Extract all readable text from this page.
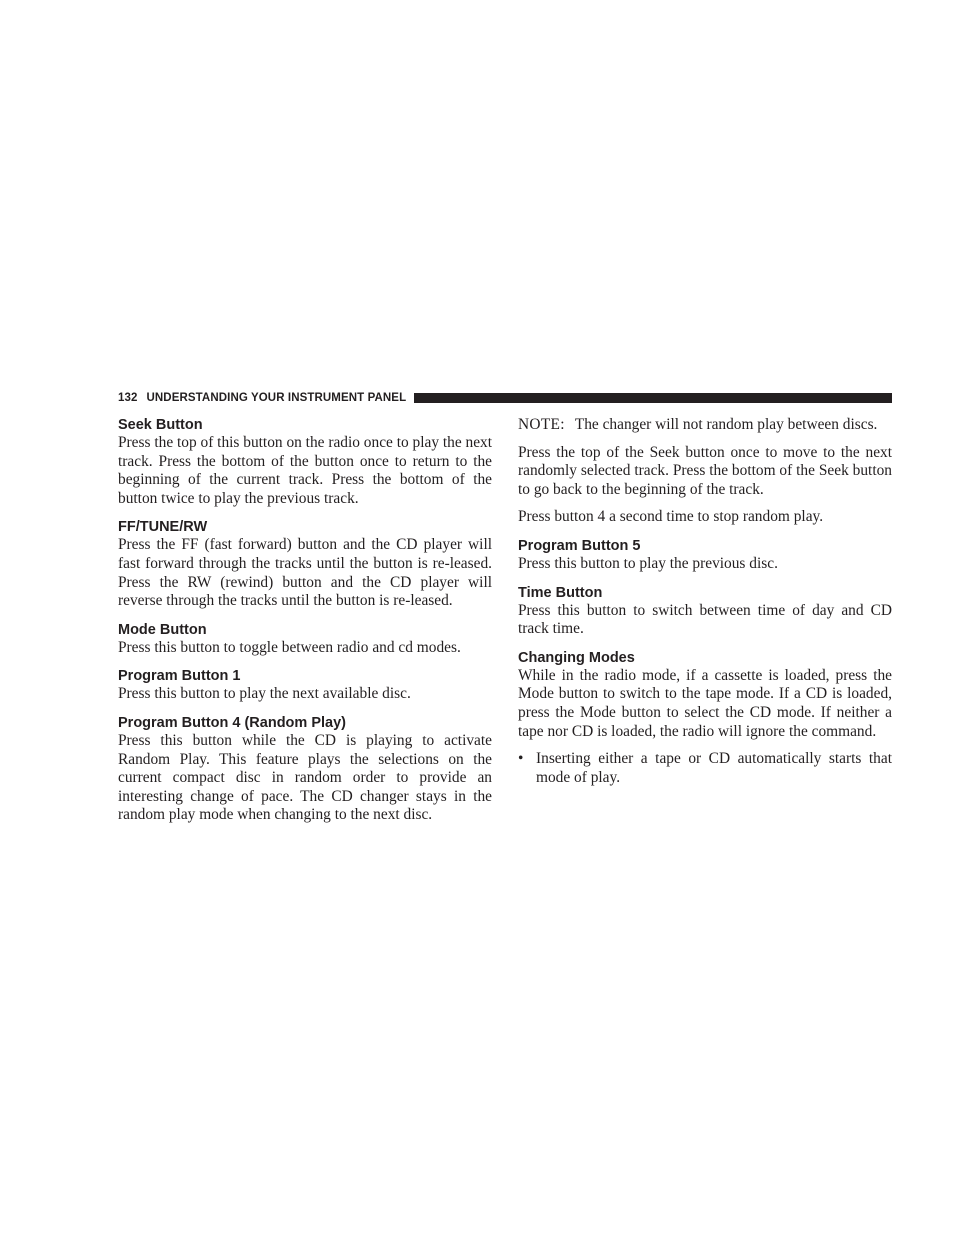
132 UNDERSTANDING YOUR INSTRUMENT PANEL
Seek Button

Press the top of this button on the radio once to play the next track. Press the bottom of the button once to return to the beginning of the current track. Press the bottom of the button twice to play the previous track.

FF/TUNE/RW

Press the FF (fast forward) button and the CD player will fast forward through the tracks until the button is re-leased. Press the RW (rewind) button and the CD player will reverse through the tracks until the button is re-leased.

Mode Button

Press this button to toggle between radio and cd modes.

Program Button 1

Press this button to play the next available disc.

Program Button 4 (Random Play)

Press this button while the CD is playing to activate Random Play. This feature plays the selections on the current compact disc in random order to provide an interesting change of pace. The CD changer stays in the random play mode when changing to the next disc.

NOTE: The changer will not random play between discs.

Press the top of the Seek button once to move to the next randomly selected track. Press the bottom of the Seek button to go back to the beginning of the track.

Press button 4 a second time to stop random play.

Program Button 5

Press this button to play the previous disc.

Time Button

Press this button to switch between time of day and CD track time.

Changing Modes

While in the radio mode, if a cassette is loaded, press the Mode button to switch to the tape mode. If a CD is loaded, press the Mode button to select the CD mode. If neither a tape nor CD is loaded, the radio will ignore the command.

• Inserting either a tape or CD automatically starts that mode of play.
